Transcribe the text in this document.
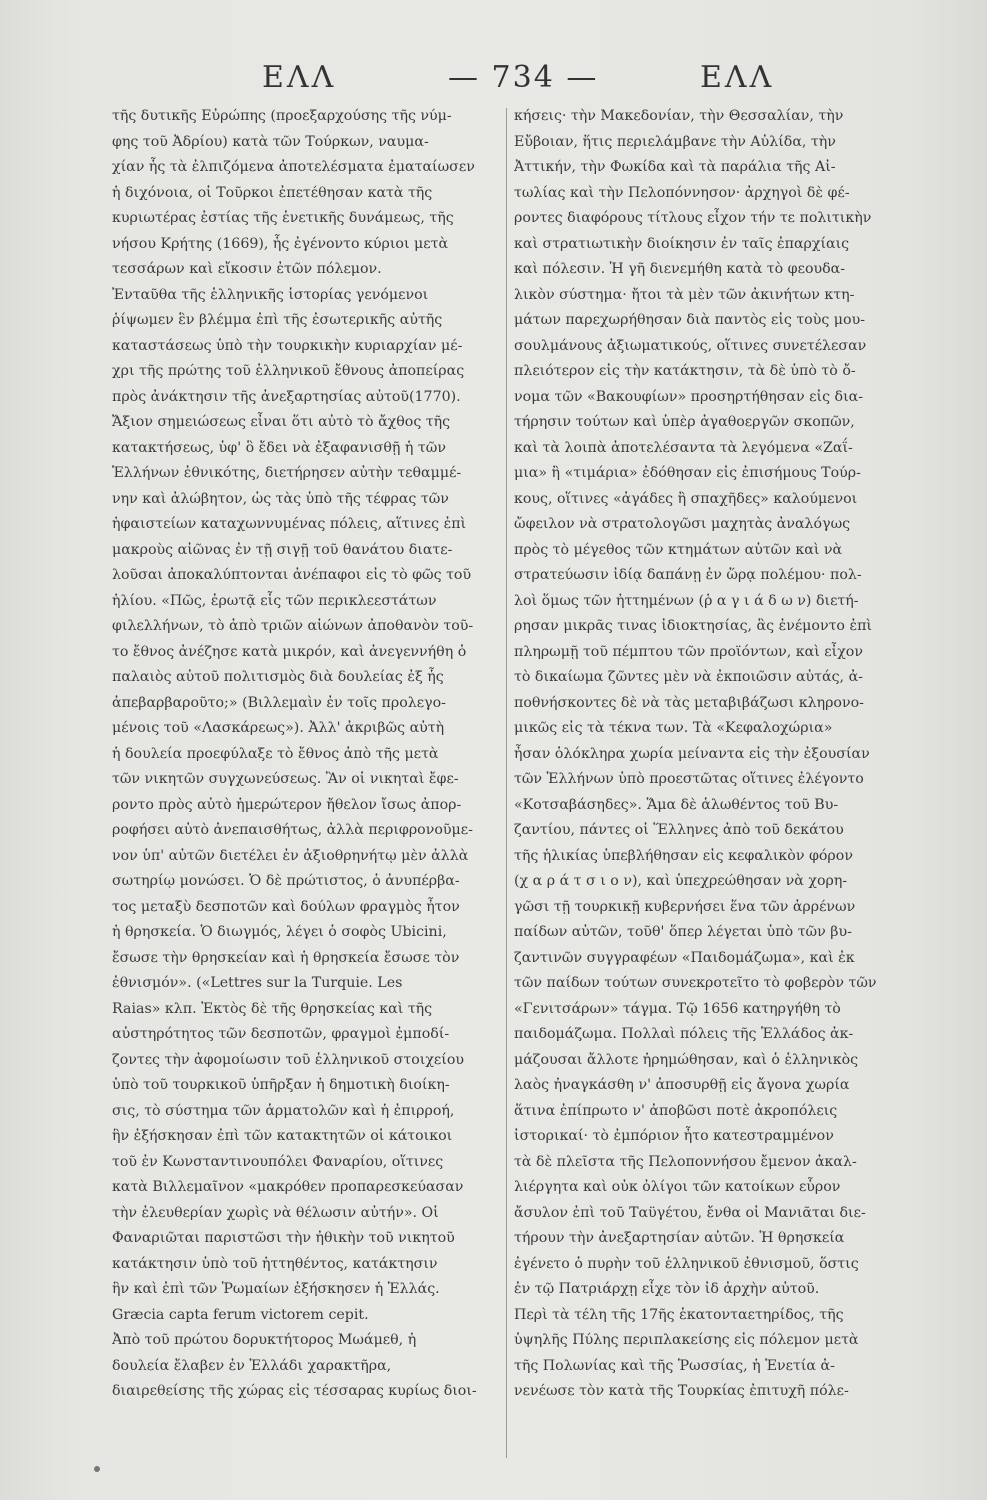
ΕΛΛ	— 734 —	ΕΛΛ
τῆς δυτικῆς Εὐρώπης (προεξαρχούσης τῆς νύμ-
φης τοῦ Ἀδρίου) κατὰ τῶν Τούρκων, ναυμα-
χίαν ἧς τὰ ἐλπιζόμενα ἀποτελέσματα ἐματαίωσεν
ἡ διχόνοια, οἱ Τοῦρκοι ἐπετέθησαν κατὰ τῆς
κυριωτέρας ἑστίας τῆς ἑνετικῆς δυνάμεως, τῆς
νήσου Κρήτης (1669), ἧς ἐγένοντο κύριοι μετὰ
τεσσάρων καὶ εἴκοσιν ἐτῶν πόλεμον.
Ἐνταῦθα τῆς ἑλληνικῆς ἱστορίας γενόμενοι
ῥίψωμεν ἓν βλέμμα ἐπὶ τῆς ἐσωτερικῆς αὐτῆς
καταστάσεως ὑπὸ τὴν τουρκικὴν κυριαρχίαν μέ-
χρι τῆς πρώτης τοῦ ἑλληνικοῦ ἔθνους ἀποπείρας
πρὸς ἀνάκτησιν τῆς ἀνεξαρτησίας αὐτοῦ(1770).
Ἄξιον σημειώσεως εἶναι ὅτι αὐτὸ τὸ ἄχθος τῆς
κατακτήσεως, ὑφ' ὃ ἔδει νὰ ἐξαφανισθῇ ἡ τῶν
Ἑλλήνων ἐθνικότης, διετήρησεν αὐτὴν τεθαμμέ-
νην καὶ ἀλώβητον, ὡς τὰς ὑπὸ τῆς τέφρας τῶν
ἡφαιστείων καταχωννυμένας πόλεις, αἵτινες ἐπὶ
μακροὺς αἰῶνας ἐν τῇ σιγῇ τοῦ θανάτου διατε-
λοῦσαι ἀποκαλύπτονται ἀνέπαφοι εἰς τὸ φῶς τοῦ
ἡλίου. «Πῶς, ἐρωτᾷ εἷς τῶν περικλεεστάτων
φιλελλήνων, τὸ ἀπὸ τριῶν αἰώνων ἀποθανὸν τοῦ-
το ἔθνος ἀνέζησε κατὰ μικρόν, καὶ ἀνεγεννήθη ὁ
παλαιὸς αὐτοῦ πολιτισμὸς διὰ δουλείας ἐξ ἧς
ἀπεβαρβαροῦτο;» (Βιλλεμαὶν ἐν τοῖς προλεγο-
μένοις τοῦ «Λασκάρεως»). Ἀλλ' ἀκριβῶς αὐτὴ
ἡ δουλεία προεφύλαξε τὸ ἔθνος ἀπὸ τῆς μετὰ
τῶν νικητῶν συγχωνεύσεως. Ἂν οἱ νικηταὶ ἔφε-
ροντο πρὸς αὐτὸ ἡμερώτερον ἤθελον ἴσως ἀπορ-
ροφήσει αὐτὸ ἀνεπαισθήτως, ἀλλὰ περιφρονοῦμε-
νον ὑπ' αὐτῶν διετέλει ἐν ἀξιοθρηνήτῳ μὲν ἀλλὰ
σωτηρίῳ μονώσει. Ὁ δὲ πρώτιστος, ὁ ἀνυπέρβα-
τος μεταξὺ δεσποτῶν καὶ δούλων φραγμὸς ἦτον
ἡ θρησκεία. Ὁ διωγμός, λέγει ὁ σοφὸς Ubicini,
ἔσωσε τὴν θρησκείαν καὶ ἡ θρησκεία ἔσωσε τὸν
ἐθνισμόν». («Lettres sur la Turquie. Les
Raias» κλπ. Ἐκτὸς δὲ τῆς θρησκείας καὶ τῆς
αὐστηρότητος τῶν δεσποτῶν, φραγμοὶ ἐμποδί-
ζοντες τὴν ἀφομοίωσιν τοῦ ἑλληνικοῦ στοιχείου
ὑπὸ τοῦ τουρκικοῦ ὑπῆρξαν ἡ δημοτικὴ διοίκη-
σις, τὸ σύστημα τῶν ἁρματολῶν καὶ ἡ ἐπιρροή,
ἣν ἐξήσκησαν ἐπὶ τῶν κατακτητῶν οἱ κάτοικοι
τοῦ ἐν Κωνσταντινουπόλει Φαναρίου, οἵτινες
κατὰ Βιλλεμαῖνον «μακρόθεν προπαρεσκεύασαν
τὴν ἐλευθερίαν χωρὶς νὰ θέλωσιν αὐτήν». Οἱ
Φαναριῶται παριστῶσι τὴν ἠθικὴν τοῦ νικητοῦ
κατάκτησιν ὑπὸ τοῦ ἡττηθέντος, κατάκτησιν
ἣν καὶ ἐπὶ τῶν Ῥωμαίων ἐξήσκησεν ἡ Ἑλλάς.
Græcia capta ferum victorem cepit.
Ἀπὸ τοῦ πρώτου δορυκτήτορος Μωάμεθ, ἡ
δουλεία ἔλαβεν ἐν Ἑλλάδι χαρακτῆρα,
διαιρεθείσης τῆς χώρας εἰς τέσσαρας κυρίως διοι-
κήσεις· τὴν Μακεδονίαν, τὴν Θεσσαλίαν, τὴν
Εὔβοιαν, ἥτις περιελάμβανε τὴν Αὐλίδα, τὴν
Ἀττικήν, τὴν Φωκίδα καὶ τὰ παράλια τῆς Αἰ-
τωλίας καὶ τὴν Πελοπόννησον· ἀρχηγοὶ δὲ φέ-
ροντες διαφόρους τίτλους εἶχον τήν τε πολιτικὴν
καὶ στρατιωτικὴν διοίκησιν ἐν ταῖς ἐπαρχίαις
καὶ πόλεσιν. Ἡ γῆ διενεμήθη κατὰ τὸ φεουδα-
λικὸν σύστημα· ἤτοι τὰ μὲν τῶν ἀκινήτων κτη-
μάτων παρεχωρήθησαν διὰ παντὸς εἰς τοὺς μου-
σουλμάνους ἀξιωματικούς, οἵτινες συνετέλεσαν
πλειότερον εἰς τὴν κατάκτησιν, τὰ δὲ ὑπὸ τὸ ὄ-
νομα τῶν «Βακουφίων» προσηρτήθησαν εἰς δια-
τήρησιν τούτων καὶ ὑπὲρ ἀγαθοεργῶν σκοπῶν,
καὶ τὰ λοιπὰ ἀποτελέσαντα τὰ λεγόμενα «Ζαΐ-
μια» ἢ «τιμάρια» ἐδόθησαν εἰς ἐπισήμους Τούρ-
κους, οἵτινες «ἀγάδες ἢ σπαχῆδες» καλούμενοι
ὤφειλον νὰ στρατολογῶσι μαχητὰς ἀναλόγως
πρὸς τὸ μέγεθος τῶν κτημάτων αὐτῶν καὶ νὰ
στρατεύωσιν ἰδίᾳ δαπάνῃ ἐν ὥρᾳ πολέμου· πολ-
λοὶ ὅμως τῶν ἠττημένων (ῥ α γ ι ά δ ω ν) διετή-
ρησαν μικρᾶς τινας ἰδιοκτησίας, ἃς ἐνέμοντο ἐπὶ
πληρωμῇ τοῦ πέμπτου τῶν προϊόντων, καὶ εἶχον
τὸ δικαίωμα ζῶντες μὲν νὰ ἐκποιῶσιν αὐτάς, ἀ-
ποθνήσκοντες δὲ νὰ τὰς μεταβιβάζωσι κληρονο-
μικῶς εἰς τὰ τέκνα των. Τὰ «Κεφαλοχώρια»
ἦσαν ὁλόκληρα χωρία μείναντα εἰς τὴν ἐξουσίαν
τῶν Ἑλλήνων ὑπὸ προεστῶτας οἵτινες ἐλέγοντο
«Κοτσαβάσηδες». Ἅμα δὲ ἁλωθέντος τοῦ Βυ-
ζαντίου, πάντες οἱ Ἕλληνες ἀπὸ τοῦ δεκάτου
τῆς ἡλικίας ὑπεβλήθησαν εἰς κεφαλικὸν φόρον
(χ α ρ ά τ σ ι ο ν), καὶ ὑπεχρεώθησαν νὰ χορη-
γῶσι τῇ τουρκικῇ κυβερνήσει ἕνα τῶν ἀρρένων
παίδων αὐτῶν, τοῦθ' ὅπερ λέγεται ὑπὸ τῶν βυ-
ζαντινῶν συγγραφέων «Παιδομάζωμα», καὶ ἐκ
τῶν παίδων τούτων συνεκροτεῖτο τὸ φοβερὸν τῶν
«Γενιτσάρων» τάγμα. Τῷ 1656 κατηργήθη τὸ
παιδομάζωμα. Πολλαὶ πόλεις τῆς Ἑλλάδος ἀκ-
μάζουσαι ἄλλοτε ἠρημώθησαν, καὶ ὁ ἑλληνικὸς
λαὸς ἠναγκάσθη ν' ἀποσυρθῇ εἰς ἄγονα χωρία
ἅτινα ἐπίπρωτο ν' ἀποβῶσι ποτὲ ἀκροπόλεις
ἱστορικαί· τὸ ἐμπόριον ἦτο κατεστραμμένον
τὰ δὲ πλεῖστα τῆς Πελοποννήσου ἔμενον ἀκαλ-
λιέργητα καὶ οὐκ ὀλίγοι τῶν κατοίκων εὗρον
ἄσυλον ἐπὶ τοῦ Ταϋγέτου, ἔνθα οἱ Μανιᾶται διε-
τήρουν τὴν ἀνεξαρτησίαν αὐτῶν. Ἡ θρησκεία
ἐγένετο ὁ πυρὴν τοῦ ἑλληνικοῦ ἐθνισμοῦ, ὅστις
ἐν τῷ Πατριάρχῃ εἶχε τὸν ἰδ ἀρχὴν αὐτοῦ.
Περὶ τὰ τέλη τῆς 17ῆς ἑκατονταετηρίδος, τῆς
ὑψηλῆς Πύλης περιπλακείσης εἰς πόλεμον μετὰ
τῆς Πολωνίας καὶ τῆς Ῥωσσίας, ἡ Ἑνετία ἀ-
νενέωσε τὸν κατὰ τῆς Τουρκίας ἐπιτυχῆ πόλε-
